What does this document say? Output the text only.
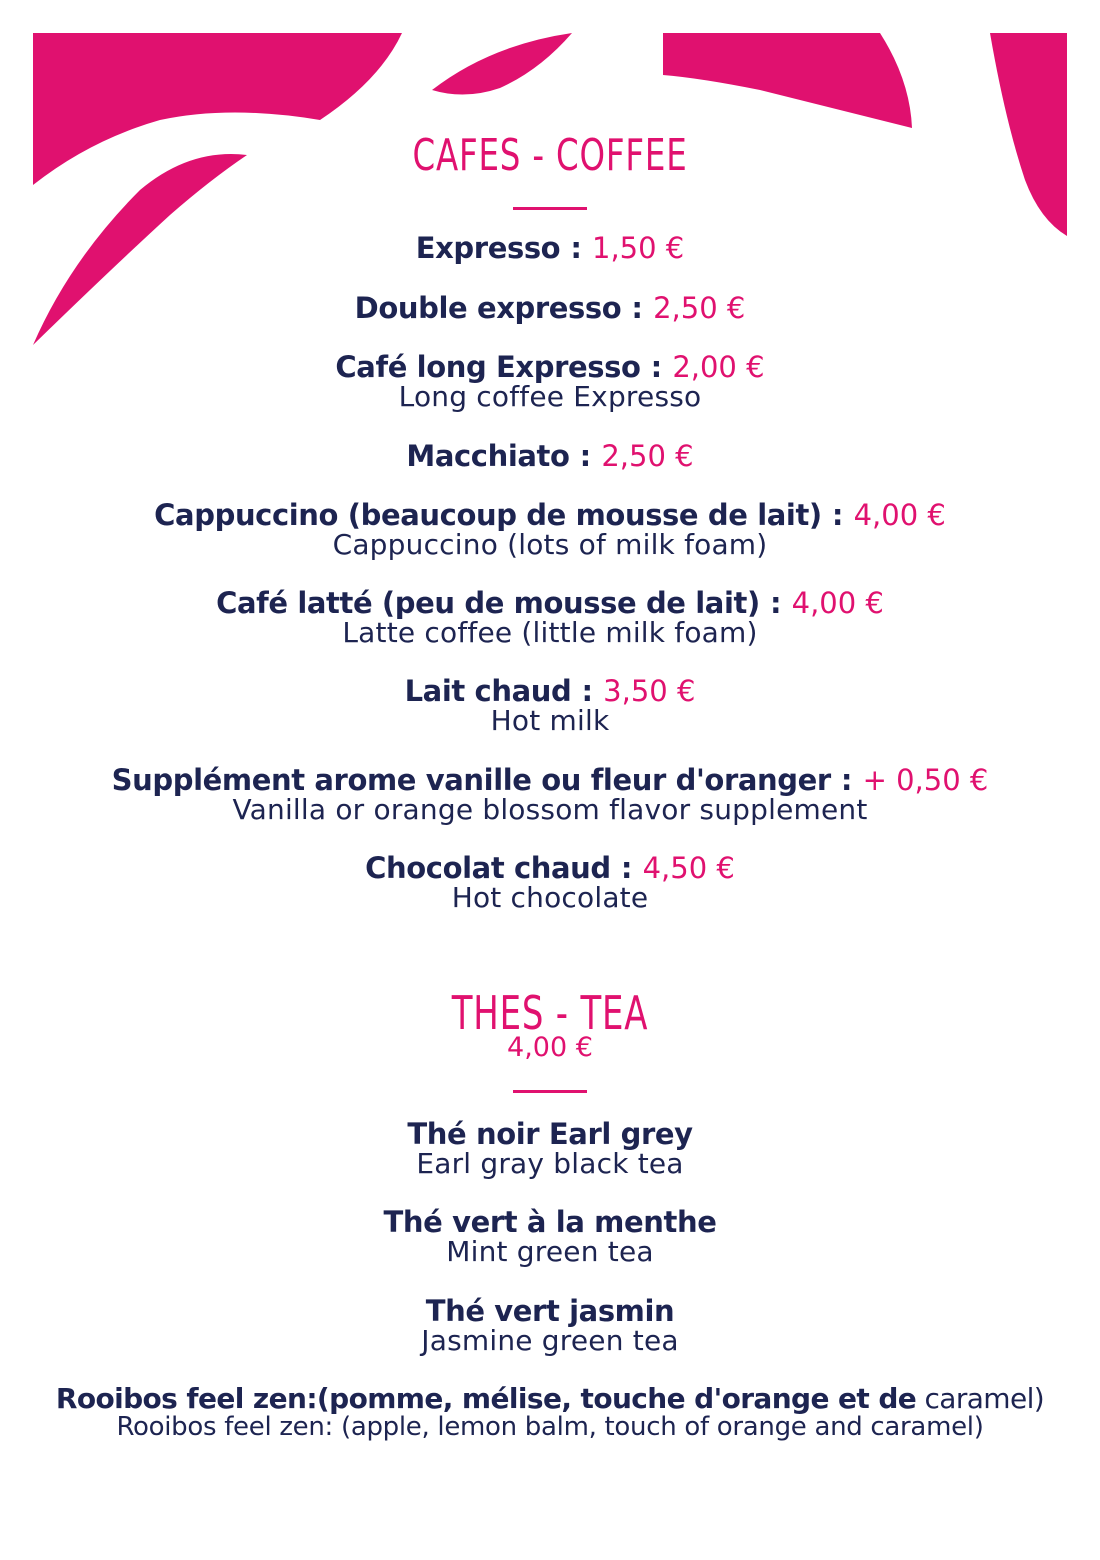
CAFES - COFFEE
Expresso : 1,50 €
Double expresso : 2,50 €
Café long Expresso : 2,00 €
Long coffee Expresso
Macchiato : 2,50 €
Cappuccino (beaucoup de mousse de lait) : 4,00 €
Cappuccino (lots of milk foam)
Café latté (peu de mousse de lait) : 4,00 €
Latte coffee (little milk foam)
Lait chaud : 3,50 €
Hot milk
Supplément arome vanille ou fleur d'oranger : + 0,50 €
Vanilla or orange blossom flavor supplement
Chocolat chaud : 4,50 €
Hot chocolate
THES - TEA
4,00 €
Thé noir Earl grey
Earl gray black tea
Thé vert à la menthe
Mint green tea
Thé vert jasmin
Jasmine green tea
Rooibos feel zen:(pomme, mélise, touche d'orange et de caramel)
Rooibos feel zen: (apple, lemon balm, touch of orange and caramel)
